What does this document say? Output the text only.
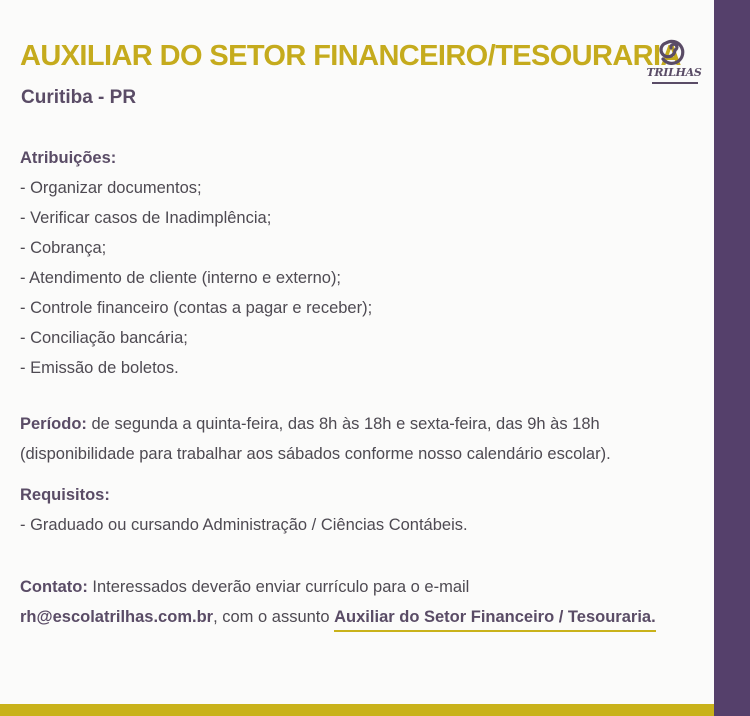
AUXILIAR DO SETOR FINANCEIRO/TESOURARIA
Curitiba - PR
TRILHAS
Atribuições:
- Organizar documentos;
- Verificar casos de Inadimplência;
- Cobrança;
- Atendimento de cliente (interno e externo);
- Controle financeiro (contas a pagar e receber);
- Conciliação bancária;
- Emissão de boletos.
Período: de segunda a quinta-feira, das 8h às 18h e sexta-feira, das 9h às 18h
(disponibilidade para trabalhar aos sábados conforme nosso calendário escolar).
Requisitos:
- Graduado ou cursando Administração / Ciências Contábeis.
Contato: Interessados deverão enviar currículo para o e-mail
rh@escolatrilhas.com.br, com o assunto Auxiliar do Setor Financeiro / Tesouraria.
